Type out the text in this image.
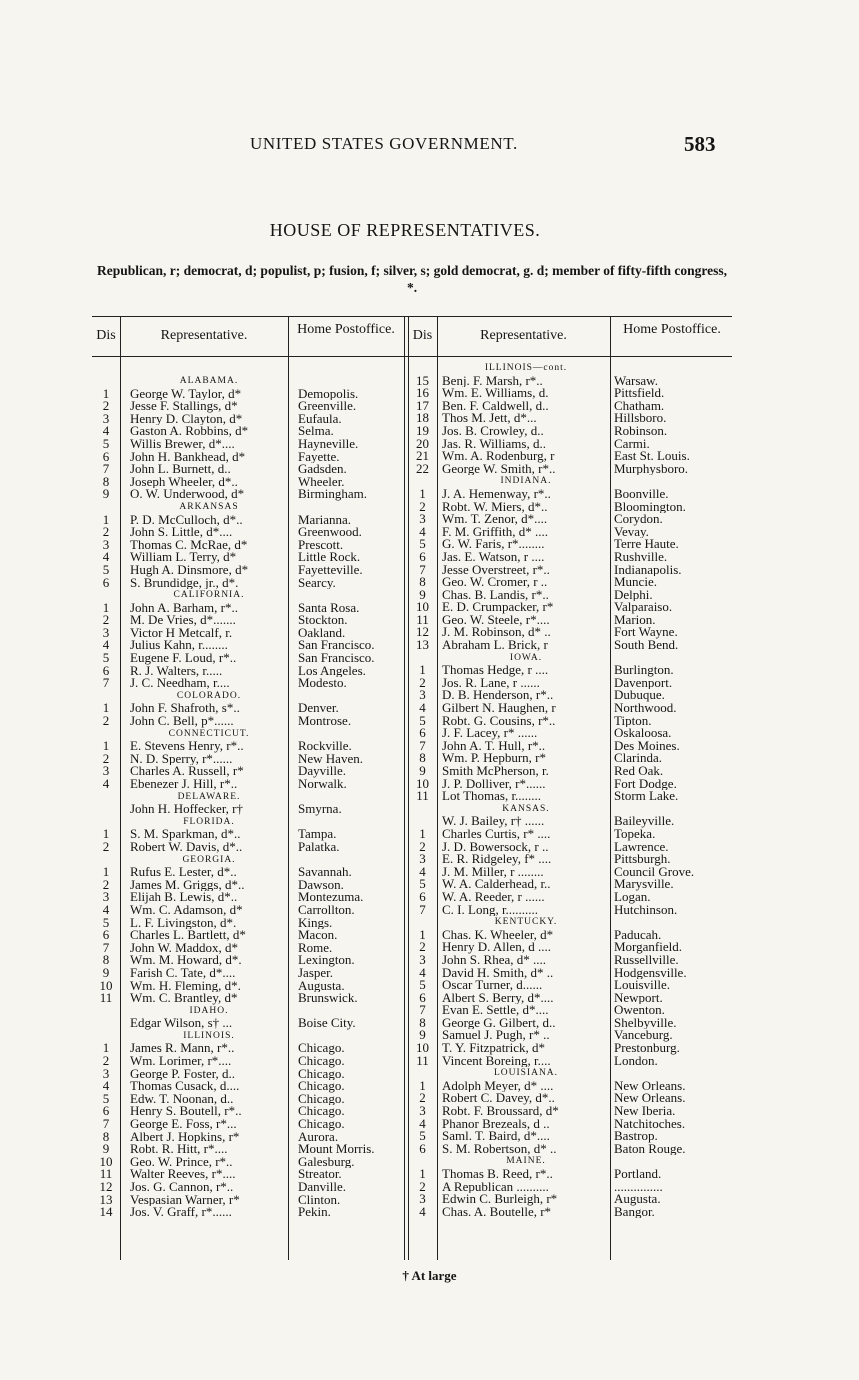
UNITED STATES GOVERNMENT.	583
HOUSE OF REPRESENTATIVES.
Republican, r; democrat, d; populist, p; fusion, f; silver, s; gold democrat, g. d; member of fifty-fifth congress, *.
Dis	Representative.	Home Postoffice.	Dis	Representative.	Home Postoffice.
ALABAMA.
1	George W. Taylor, d*	Demopolis.
2	Jesse F. Stallings, d*	Greenville.
3	Henry D. Clayton, d*	Eufaula.
4	Gaston A. Robbins, d*	Selma.
5	Willis Brewer, d*....	Hayneville.
6	John H. Bankhead, d*	Fayette.
7	John L. Burnett, d..	Gadsden.
8	Joseph Wheeler, d*..	Wheeler.
9	O. W. Underwood, d*	Birmingham.
ARKANSAS
1	P. D. McCulloch, d*..	Marianna.
2	John S. Little, d*....	Greenwood.
3	Thomas C. McRae, d*	Prescott.
4	William L. Terry, d*	Little Rock.
5	Hugh A. Dinsmore, d*	Fayetteville.
6	S. Brundidge, jr., d*.	Searcy.
CALIFORNIA.
1	John A. Barham, r*..	Santa Rosa.
2	M. De Vries, d*.......	Stockton.
3	Victor H Metcalf, r.	Oakland.
4	Julius Kahn, r........	San Francisco.
5	Eugene F. Loud, r*..	San Francisco.
6	R. J. Walters, r.....	Los Angeles.
7	J. C. Needham, r....	Modesto.
COLORADO.
1	John F. Shafroth, s*..	Denver.
2	John C. Bell, p*......	Montrose.
CONNECTICUT.
1	E. Stevens Henry, r*..	Rockville.
2	N. D. Sperry, r*......	New Haven.
3	Charles A. Russell, r*	Dayville.
4	Ebenezer J. Hill, r*..	Norwalk.
DELAWARE.
John H. Hoffecker, r†	Smyrna.
FLORIDA.
1	S. M. Sparkman, d*..	Tampa.
2	Robert W. Davis, d*..	Palatka.
GEORGIA.
1	Rufus E. Lester, d*..	Savannah.
2	James M. Griggs, d*..	Dawson.
3	Elijah B. Lewis, d*..	Montezuma.
4	Wm. C. Adamson, d*	Carrollton.
5	L. F. Livingston, d*.	Kings.
6	Charles L. Bartlett, d*	Macon.
7	John W. Maddox, d*	Rome.
8	Wm. M. Howard, d*.	Lexington.
9	Farish C. Tate, d*....	Jasper.
10	Wm. H. Fleming, d*.	Augusta.
11	Wm. C. Brantley, d*	Brunswick.
IDAHO.
Edgar Wilson, s† ...	Boise City.
ILLINOIS.
1	James R. Mann, r*..	Chicago.
2	Wm. Lorimer, r*....	Chicago.
3	George P. Foster, d..	Chicago.
4	Thomas Cusack, d....	Chicago.
5	Edw. T. Noonan, d..	Chicago.
6	Henry S. Boutell, r*..	Chicago.
7	George E. Foss, r*...	Chicago.
8	Albert J. Hopkins, r*	Aurora.
9	Robt. R. Hitt, r*....	Mount Morris.
10	Geo. W. Prince, r*..	Galesburg.
11	Walter Reeves, r*....	Streator.
12	Jos. G. Cannon, r*..	Danville.
13	Vespasian Warner, r*	Clinton.
14	Jos. V. Graff, r*......	Pekin.
ILLINOIS—cont.
15	Benj. F. Marsh, r*..	Warsaw.
16	Wm. E. Williams, d.	Pittsfield.
17	Ben. F. Caldwell, d..	Chatham.
18	Thos M. Jett, d*...	Hillsboro.
19	Jos. B. Crowley, d..	Robinson.
20	Jas. R. Williams, d..	Carmi.
21	Wm. A. Rodenburg, r	East St. Louis.
22	George W. Smith, r*..	Murphysboro.
INDIANA.
1	J. A. Hemenway, r*..	Boonville.
2	Robt. W. Miers, d*..	Bloomington.
3	Wm. T. Zenor, d*....	Corydon.
4	F. M. Griffith, d* ....	Vevay.
5	G. W. Faris, r*........	Terre Haute.
6	Jas. E. Watson, r ....	Rushville.
7	Jesse Overstreet, r*..	Indianapolis.
8	Geo. W. Cromer, r ..	Muncie.
9	Chas. B. Landis, r*..	Delphi.
10	E. D. Crumpacker, r*	Valparaiso.
11	Geo. W. Steele, r*....	Marion.
12	J. M. Robinson, d* ..	Fort Wayne.
13	Abraham L. Brick, r	South Bend.
IOWA.
1	Thomas Hedge, r ....	Burlington.
2	Jos. R. Lane, r ......	Davenport.
3	D. B. Henderson, r*..	Dubuque.
4	Gilbert N. Haughen, r	Northwood.
5	Robt. G. Cousins, r*..	Tipton.
6	J. F. Lacey, r* ......	Oskaloosa.
7	John A. T. Hull, r*..	Des Moines.
8	Wm. P. Hepburn, r*	Clarinda.
9	Smith McPherson, r.	Red Oak.
10	J. P. Dolliver, r*......	Fort Dodge.
11	Lot Thomas, r........	Storm Lake.
KANSAS.
W. J. Bailey, r† ......	Baileyville.
1	Charles Curtis, r* ....	Topeka.
2	J. D. Bowersock, r ..	Lawrence.
3	E. R. Ridgeley, f* ....	Pittsburgh.
4	J. M. Miller, r ........	Council Grove.
5	W. A. Calderhead, r..	Marysville.
6	W. A. Reeder, r ......	Logan.
7	C. I. Long, r..........	Hutchinson.
KENTUCKY.
1	Chas. K. Wheeler, d*	Paducah.
2	Henry D. Allen, d ....	Morganfield.
3	John S. Rhea, d* ....	Russellville.
4	David H. Smith, d* ..	Hodgensville.
5	Oscar Turner, d......	Louisville.
6	Albert S. Berry, d*....	Newport.
7	Evan E. Settle, d*....	Owenton.
8	George G. Gilbert, d..	Shelbyville.
9	Samuel J. Pugh, r* ..	Vanceburg.
10	T. Y. Fitzpatrick, d*	Prestonburg.
11	Vincent Boreing, r....	London.
LOUISIANA.
1	Adolph Meyer, d* ....	New Orleans.
2	Robert C. Davey, d*..	New Orleans.
3	Robt. F. Broussard, d*	New Iberia.
4	Phanor Brezeals, d ..	Natchitoches.
5	Saml. T. Baird, d*....	Bastrop.
6	S. M. Robertson, d* ..	Baton Rouge.
MAINE.
1	Thomas B. Reed, r*..	Portland.
2	A Republican ..........	...............
3	Edwin C. Burleigh, r*	Augusta.
4	Chas. A. Boutelle, r*	Bangor.
† At large
